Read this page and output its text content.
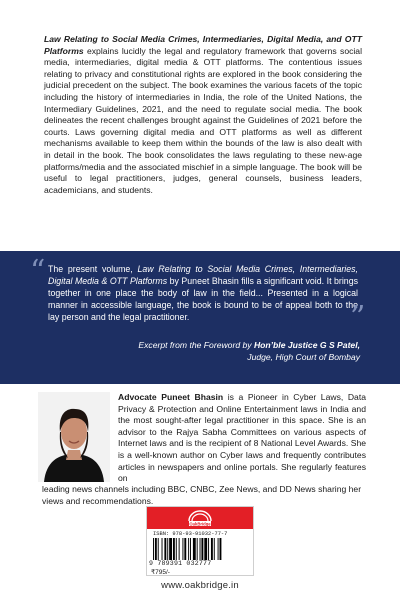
Law Relating to Social Media Crimes, Intermediaries, Digital Media, and OTT Platforms explains lucidly the legal and regulatory framework that governs social media, intermediaries, digital media & OTT platforms. The contentious issues relating to privacy and constitutional rights are explored in the book considering the judicial precedent on the subject. The book examines the various facets of the topic including the history of intermediaries in India, the role of the United Nations, the Intermediary Guidelines, 2021, and the need to regulate social media. The book delineates the recent challenges brought against the Guidelines of 2021 before the courts. Laws governing digital media and OTT platforms as well as different mechanisms available to keep them within the bounds of the law is also dealt with in detail in the book. The book consolidates the laws regulating to these new-age platforms/media and the associated mischief in a simple language. The book will be useful to legal practitioners, judges, general counsels, business leaders, academicians, and students.
“ The present volume, Law Relating to Social Media Crimes, Intermediaries, Digital Media & OTT Platforms by Puneet Bhasin fills a significant void. It brings together in one place the body of law in the field... Presented in a logical manner in accessible language, the book is bound to be of appeal both to the lay person and the legal practitioner.	”
Excerpt from the Foreword by Hon’ble Justice G S Patel,
Judge, High Court of Bombay
Advocate Puneet Bhasin is a Pioneer in Cyber Laws, Data Privacy & Protection and Online Entertainment laws in India and the most sought-after legal practitioner in this space. She is an advisor to the Rajya Sabha Committees on various aspects of Internet laws and is the recipient of 8 National Level Awards. She is a well-known author on Cyber laws and frequently contributes articles in newspapers and online portals. She regularly features on
leading news channels including BBC, CNBC, Zee News, and DD News sharing her views and recommendations.
OakBridge
ISBN: 978-93-91032-77-7
9 789391 032777
₹795/-
www.oakbridge.in
